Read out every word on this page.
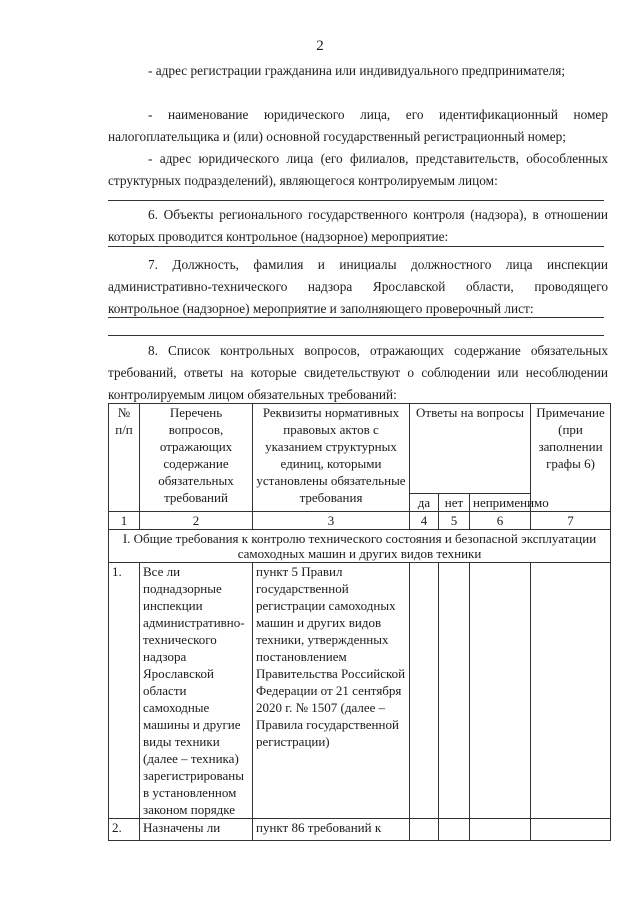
2
- адрес регистрации гражданина или индивидуального предпринимателя;
- наименование юридического лица, его идентификационный номер налогоплательщика и (или) основной государственный регистрационный номер;
- адрес юридического лица (его филиалов, представительств, обособленных структурных подразделений), являющегося контролируемым лицом:
6. Объекты регионального государственного контроля (надзора), в отношении которых проводится контрольное (надзорное) мероприятие:
7. Должность, фамилия и инициалы должностного лица инспекции административно-технического надзора Ярославской области, проводящего контрольное (надзорное) мероприятие и заполняющего проверочный лист:
8. Список контрольных вопросов, отражающих содержание обязательных требований, ответы на которые свидетельствуют о соблюдении или несоблюдении контролируемым лицом обязательных требований:
№ п/п	Перечень вопросов, отражающих содержание обязательных требований	Реквизиты нормативных правовых актов с указанием структурных единиц, которыми установлены обязательные требования	Ответы на вопросы			Примечание (при заполнении графы 6)
			да	нет	неприменимо	
1	2	3	4	5	6	7
I. Общие требования к контролю технического состояния и безопасной эксплуатации самоходных машин и других видов техники						
1.	Все ли поднадзорные инспекции административно-технического надзора Ярославской области самоходные машины и другие виды техники (далее – техника) зарегистрированы в установленном законом порядке	пункт 5 Правил государственной регистрации самоходных машин и других видов техники, утвержденных постановлением Правительства Российской Федерации от 21 сентября 2020 г. № 1507 (далее – Правила государственной регистрации)				
2.	Назначены ли	пункт 86 требований к				
